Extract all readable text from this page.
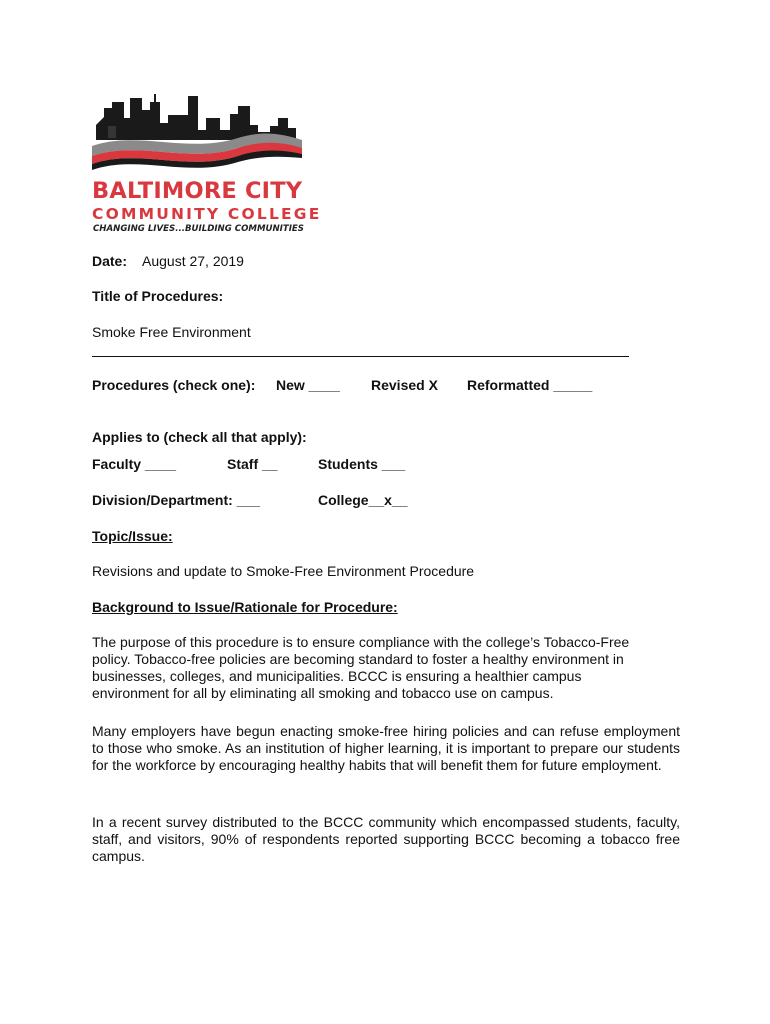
BALTIMORE CITY
COMMUNITY COLLEGE
CHANGING LIVES...BUILDING COMMUNITIES
Date: August 27, 2019
Title of Procedures:
Smoke Free Environment
Procedures (check one): New ____ Revised X Reformatted _____
Applies to (check all that apply):
Faculty ____	Staff __	Students ___
Division/Department: ___	College__x__
Topic/Issue:
Revisions and update to Smoke-Free Environment Procedure
Background to Issue/Rationale for Procedure:
The purpose of this procedure is to ensure compliance with the college’s Tobacco-Free
policy. Tobacco-free policies are becoming standard to foster a healthy environment in
businesses, colleges, and municipalities. BCCC is ensuring a healthier campus
environment for all by eliminating all smoking and tobacco use on campus.
Many employers have begun enacting smoke-free hiring policies and can refuse employment to those who smoke. As an institution of higher learning, it is important to prepare our students for the workforce by encouraging healthy habits that will benefit them for future employment.
In a recent survey distributed to the BCCC community which encompassed students, faculty, staff, and visitors, 90% of respondents reported supporting BCCC becoming a tobacco free campus.
